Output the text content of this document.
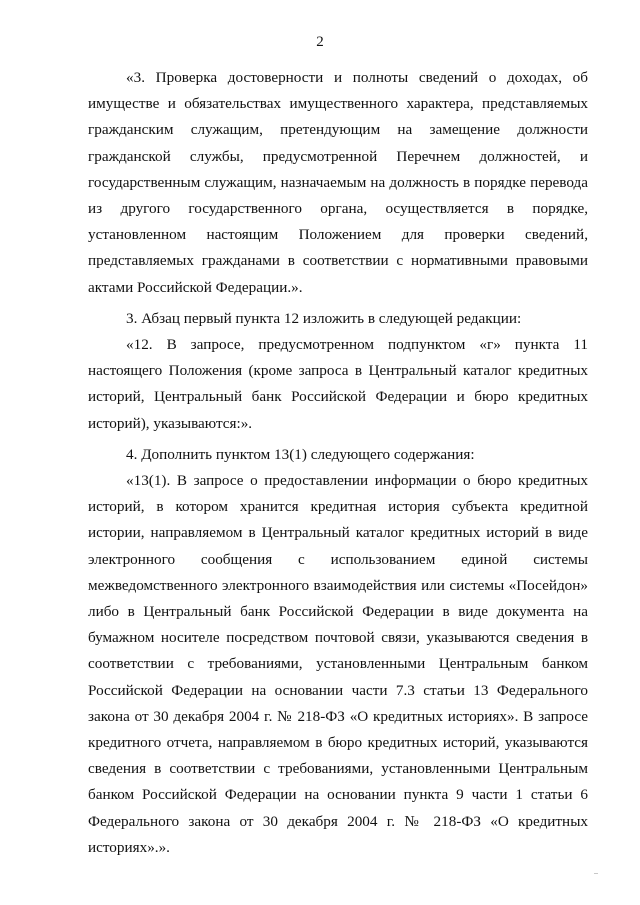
2

«3. Проверка достоверности и полноты сведений о доходах, об имуществе и обязательствах имущественного характера, представляемых гражданским служащим, претендующим на замещение должности гражданской службы, предусмотренной Перечнем должностей, и государственным служащим, назначаемым на должность в порядке перевода из другого государственного органа, осуществляется в порядке, установленном настоящим Положением для проверки сведений, представляемых гражданами в соответствии с нормативными правовыми актами Российской Федерации.».

3. Абзац первый пункта 12 изложить в следующей редакции:

«12. В запросе, предусмотренном подпунктом «г» пункта 11 настоящего Положения (кроме запроса в Центральный каталог кредитных историй, Центральный банк Российской Федерации и бюро кредитных историй), указываются:».

4. Дополнить пунктом 13(1) следующего содержания:

«13(1). В запросе о предоставлении информации о бюро кредитных историй, в котором хранится кредитная история субъекта кредитной истории, направляемом в Центральный каталог кредитных историй в виде электронного сообщения с использованием единой системы межведомственного электронного взаимодействия или системы «Посейдон» либо в Центральный банк Российской Федерации в виде документа на бумажном носителе посредством почтовой связи, указываются сведения в соответствии с требованиями, установленными Центральным банком Российской Федерации на основании части 7.3 статьи 13 Федерального закона от 30 декабря 2004 г. № 218-ФЗ «О кредитных историях». В запросе кредитного отчета, направляемом в бюро кредитных историй, указываются сведения в соответствии с требованиями, установленными Центральным банком Российской Федерации на основании пункта 9 части 1 статьи 6 Федерального закона от 30 декабря 2004 г. № 218-ФЗ «О кредитных историях».».
